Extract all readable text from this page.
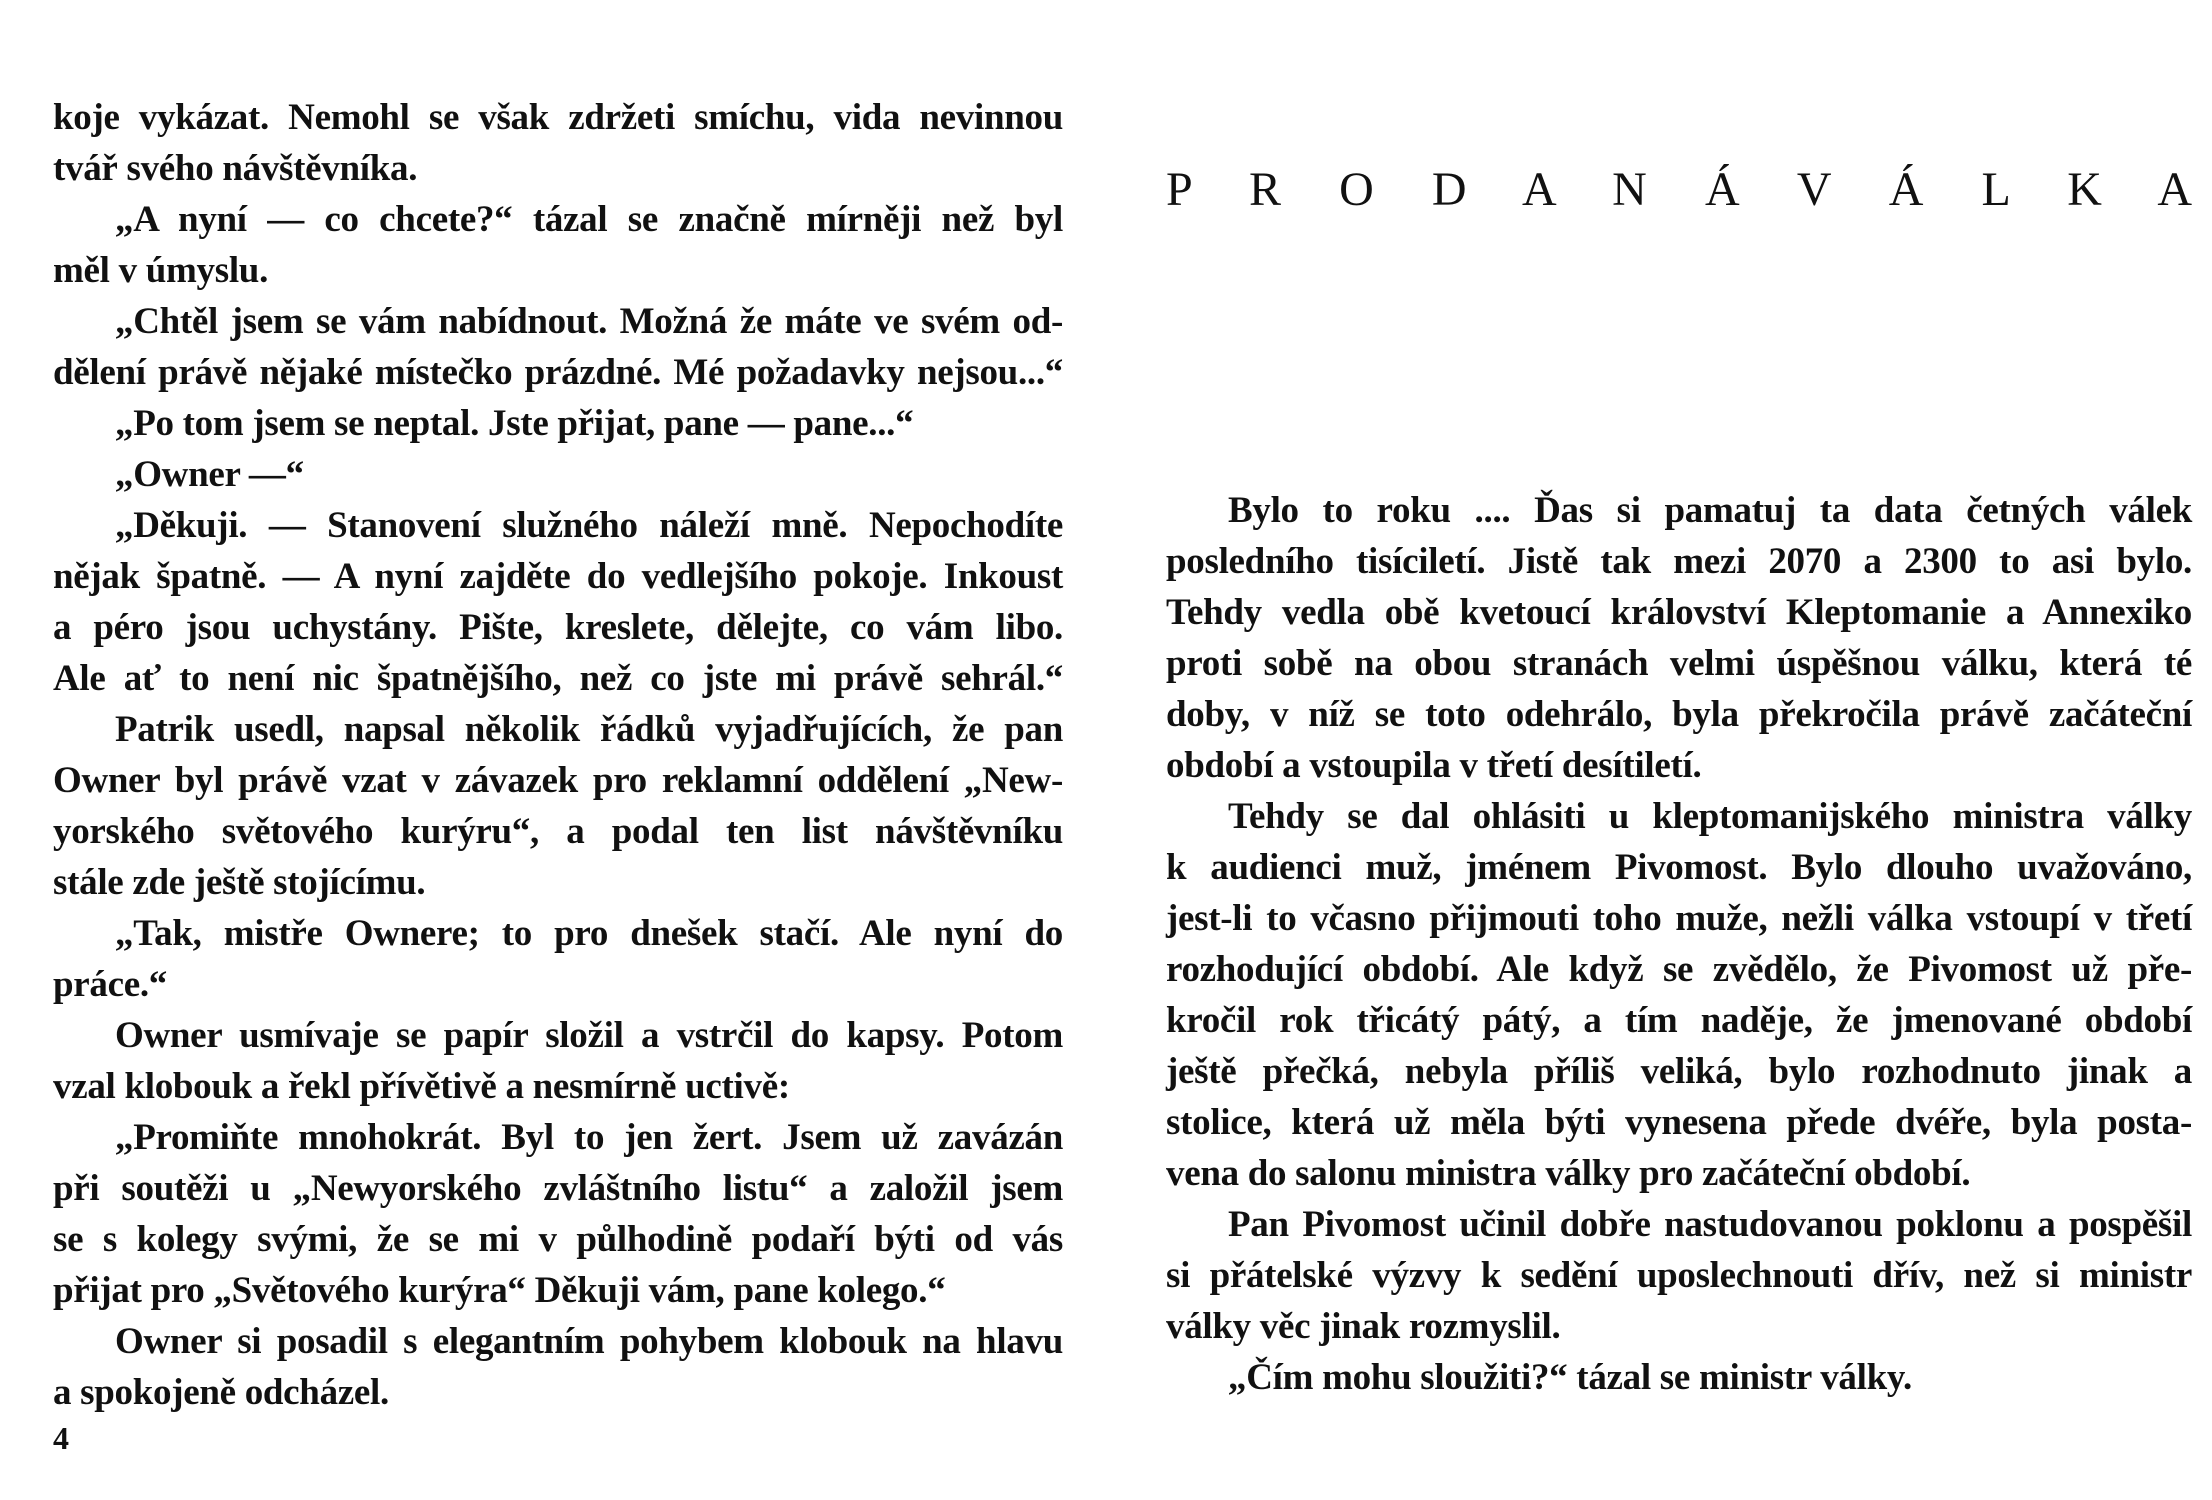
koje vykázat. Nemohl se však zdržeti smíchu, vida nevinnou
tvář svého návštěvníka.
„A nyní — co chcete?“ tázal se značně mírněji než byl
měl v úmyslu.
„Chtěl jsem se vám nabídnout. Možná že máte ve svém od-
dělení právě nějaké místečko prázdné. Mé požadavky nejsou...“
„Po tom jsem se neptal. Jste přijat, pane — pane...“
„Owner —“
„Děkuji. — Stanovení služného náleží mně. Nepochodíte
nějak špatně. — A nyní zajděte do vedlejšího pokoje. Inkoust
a péro jsou uchystány. Pište, kreslete, dělejte, co vám libo.
Ale ať to není nic špatnějšího, než co jste mi právě sehrál.“
Patrik usedl, napsal několik řádků vyjadřujících, že pan
Owner byl právě vzat v závazek pro reklamní oddělení „New-
yorského světového kurýru“, a podal ten list návštěvníku
stále zde ještě stojícímu.
„Tak, mistře Ownere; to pro dnešek stačí. Ale nyní do
práce.“
Owner usmívaje se papír složil a vstrčil do kapsy. Potom
vzal klobouk a řekl přívětivě a nesmírně uctivě:
„Promiňte mnohokrát. Byl to jen žert. Jsem už zavázán
při soutěži u „Newyorského zvláštního listu“ a založil jsem
se s kolegy svými, že se mi v půlhodině podaří býti od vás
přijat pro „Světového kurýra“ Děkuji vám, pane kolego.“
Owner si posadil s elegantním pohybem klobouk na hlavu
a spokojeně odcházel.
4
P R O D A N Á V Á L K A
Bylo to roku .... Ďas si pamatuj ta data četných válek
posledního tisíciletí. Jistě tak mezi 2070 a 2300 to asi bylo.
Tehdy vedla obě kvetoucí království Kleptomanie a Annexiko
proti sobě na obou stranách velmi úspěšnou válku, která té
doby, v níž se toto odehrálo, byla překročila právě začáteční
období a vstoupila v třetí desítiletí.
Tehdy se dal ohlásiti u kleptomanijského ministra války
k audienci muž, jménem Pivomost. Bylo dlouho uvažováno,
jest-li to včasno přijmouti toho muže, nežli válka vstoupí v třetí
rozhodující období. Ale když se zvědělo, že Pivomost už pře-
kročil rok třicátý pátý, a tím naděje, že jmenované období
ještě přečká, nebyla příliš veliká, bylo rozhodnuto jinak a
stolice, která už měla býti vynesena přede dvéře, byla posta-
vena do salonu ministra války pro začáteční období.
Pan Pivomost učinil dobře nastudovanou poklonu a pospěšil
si přátelské výzvy k sedění uposlechnouti dřív, než si ministr
války věc jinak rozmyslil.
„Čím mohu sloužiti?“ tázal se ministr války.
